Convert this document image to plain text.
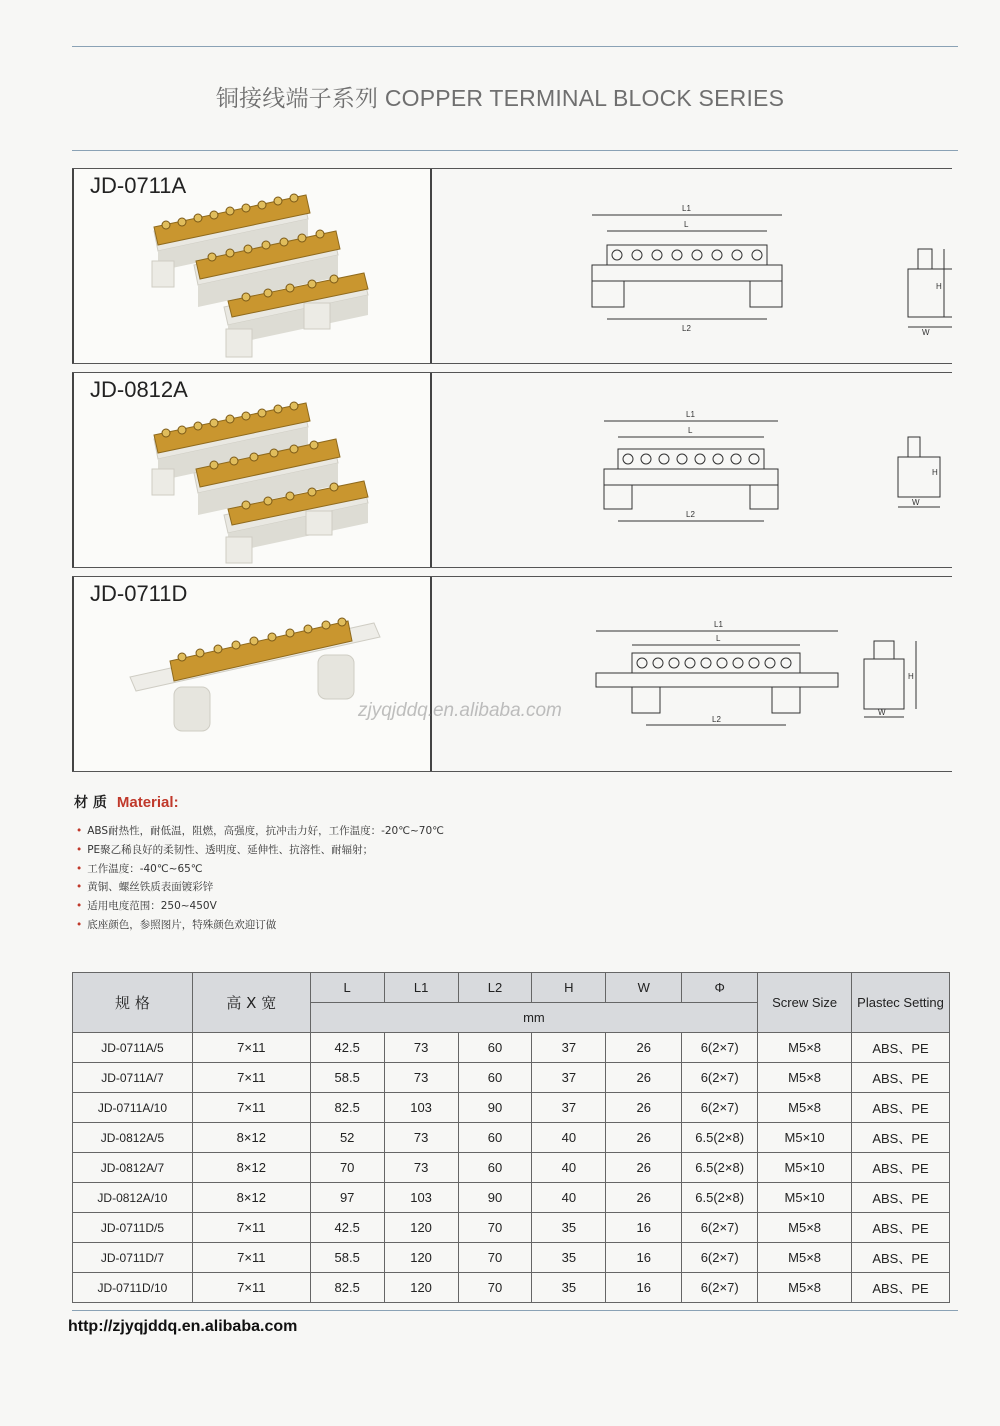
铜接线端子系列 COPPER TERMINAL BLOCK SERIES
JD-0711A
L1
L
L2
H
W
JD-0812A
L1
L
L2
H
W
JD-0711D
L1
L
L2
H
W
zjyqjddq.en.alibaba.com
材 质 Material:
• ABS耐热性，耐低温，阻燃，高强度，抗冲击力好，工作温度：-20℃~70℃
• PE聚乙稀良好的柔韧性、透明度、延伸性、抗溶性、耐辐射；
• 工作温度：-40℃~65℃
• 黄铜、螺丝铁质表面镀彩锌
• 适用电度范围：250~450V
• 底座颜色，参照图片，特殊颜色欢迎订做
规 格	高 X 宽	L	L1	L2	H	W	Φ	Screw Size	Plastec Setting
		mm							
JD-0711A/5	7×11	42.5	73	60	37	26	6(2×7)	M5×8	ABS、PE
JD-0711A/7	7×11	58.5	73	60	37	26	6(2×7)	M5×8	ABS、PE
JD-0711A/10	7×11	82.5	103	90	37	26	6(2×7)	M5×8	ABS、PE
JD-0812A/5	8×12	52	73	60	40	26	6.5(2×8)	M5×10	ABS、PE
JD-0812A/7	8×12	70	73	60	40	26	6.5(2×8)	M5×10	ABS、PE
JD-0812A/10	8×12	97	103	90	40	26	6.5(2×8)	M5×10	ABS、PE
JD-0711D/5	7×11	42.5	120	70	35	16	6(2×7)	M5×8	ABS、PE
JD-0711D/7	7×11	58.5	120	70	35	16	6(2×7)	M5×8	ABS、PE
JD-0711D/10	7×11	82.5	120	70	35	16	6(2×7)	M5×8	ABS、PE
http://zjyqjddq.en.alibaba.com
